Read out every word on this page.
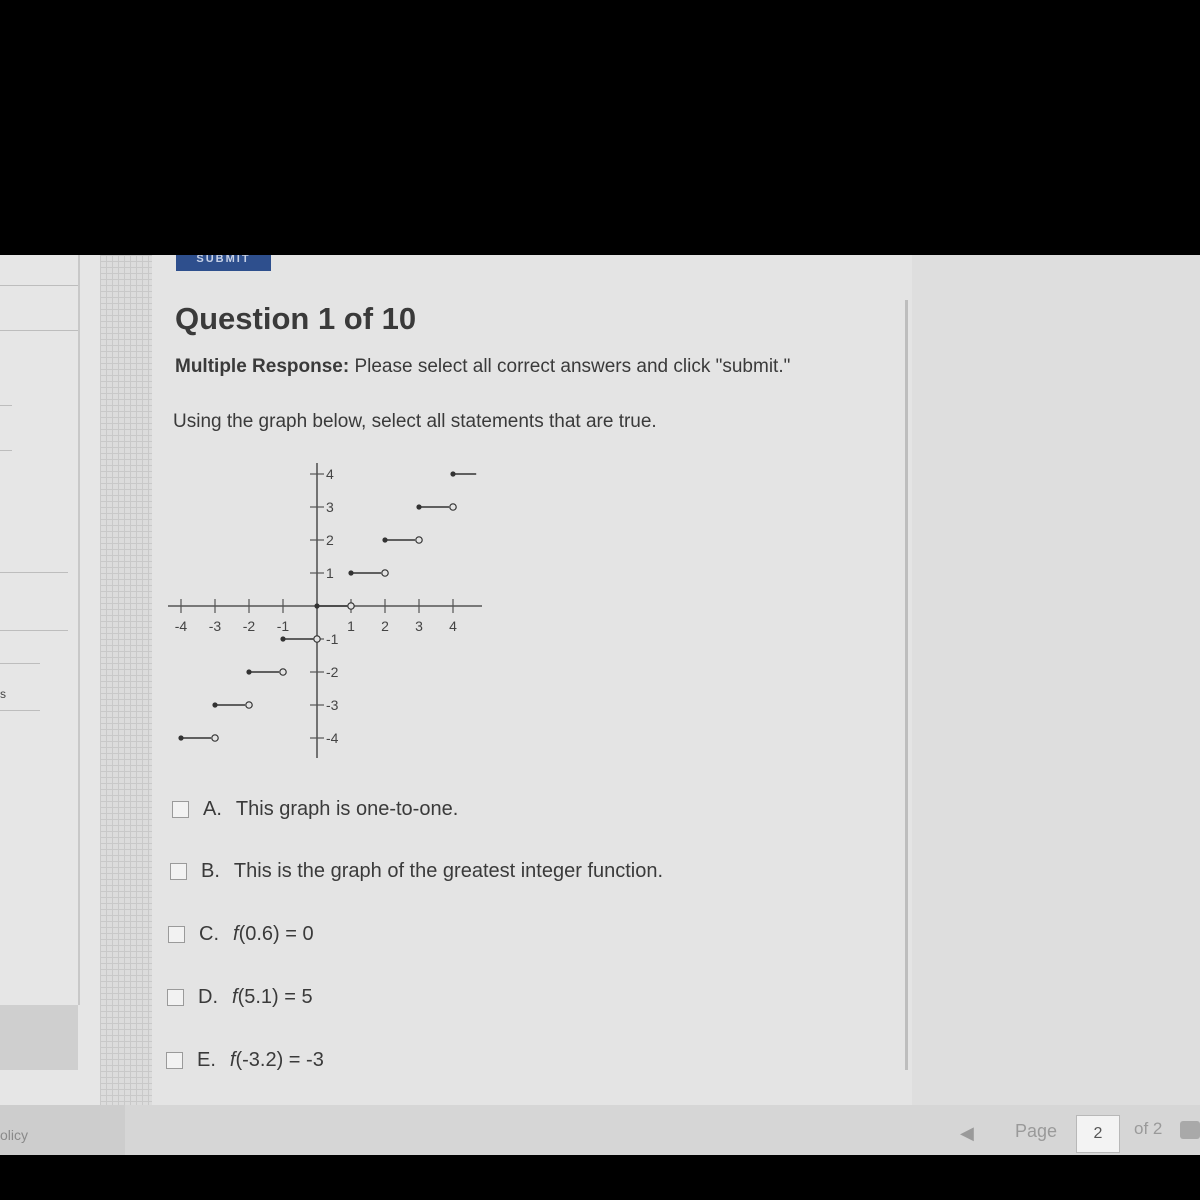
s
SUBMIT
Question 1 of 10
Multiple Response: Please select all correct answers and click "submit."
Using the graph below, select all statements that are true.
-4 -3 -2 -1	1 2 3 4
4
3
2
1
-1
-2
-3
-4
A. This graph is one-to-one.
B. This is the graph of the greatest integer function.
C. f(0.6) = 0
D. f(5.1) = 5
E. f(-3.2) = -3
olicy	◀ Page	2	of 2
